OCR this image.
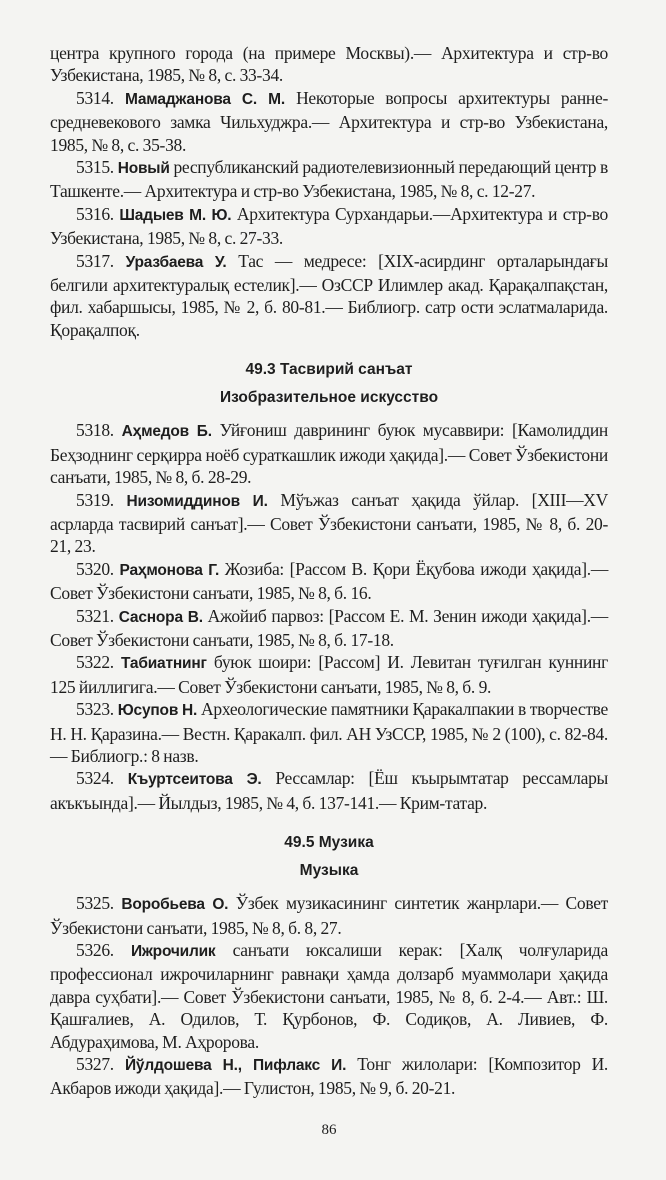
центра крупного города (на примере Москвы).— Архитектура и стр-во Узбекистана, 1985, № 8, с. 33-34.

5314. Мамаджанова С. М. Некоторые вопросы архитектуры ранне-средневекового замка Чильхуджра.— Архитектура и стр-во Узбекистана, 1985, № 8, с. 35-38.

5315. Новый республиканский радиотелевизионный передающий центр в Ташкенте.— Архитектура и стр-во Узбекистана, 1985, № 8, с. 12-27.

5316. Шадыев М. Ю. Архитектура Сурхандарьи.—Архитектура и стр-во Узбекистана, 1985, № 8, с. 27-33.

5317. Уразбаева У. Тас — медресе: [XIX-асирдинг орталарындағы белгили архитектуралық естелик].— ОзССР Илимлер акад. Қарақалпақстан, фил. хабаршысы, 1985, № 2, б. 80-81.— Библиогр. сатр ости эслатмаларида. Қорақалпоқ.

49.3 Тасвирий санъат
Изобразительное искусство

5318. Аҳмедов Б. Уйғониш даврининг буюк мусаввири: [Камолиддин Беҳзоднинг серқирра ноёб сураткашлик ижоди ҳақида].— Совет Ўзбекистони санъати, 1985, № 8, б. 28-29.

5319. Низомиддинов И. Мўъжаз санъат ҳақида ўйлар. [XIII—XV асрларда тасвирий санъат].— Совет Ўзбекистони санъати, 1985, № 8, б. 20-21, 23.

5320. Раҳмонова Г. Жозиба: [Рассом В. Қори Ёқубова ижоди ҳақида].— Совет Ўзбекистони санъати, 1985, № 8, б. 16.

5321. Саснора В. Ажойиб парвоз: [Рассом Е. М. Зенин ижоди ҳақида].— Совет Ўзбекистони санъати, 1985, № 8, б. 17-18.

5322. Табиатнинг буюк шоири: [Рассом] И. Левитан туғилган куннинг 125 йиллигига.— Совет Ўзбекистони санъати, 1985, № 8, б. 9.

5323. Юсупов Н. Археологические памятники Қаракалпакии в творчестве Н. Н. Қаразина.— Вестн. Қаракалп. фил. АН УзССР, 1985, № 2 (100), с. 82-84.— Библиогр.: 8 назв.

5324. Къуртсеитова Э. Рессамлар: [Ёш къырымтатар рессамлары акъкъында].— Йылдыз, 1985, № 4, б. 137-141.— Крим-татар.

49.5 Музика
Музыка

5325. Воробьева О. Ўзбек музикасининг синтетик жанрлари.— Совет Ўзбекистони санъати, 1985, № 8, б. 8, 27.

5326. Ижрочилик санъати юксалиши керак: [Халқ чолғуларида профессионал ижрочиларнинг равнақи ҳамда долзарб муаммолари ҳақида давра суҳбати].— Совет Ўзбекистони санъати, 1985, № 8, б. 2-4.— Авт.: Ш. Қашғалиев, А. Одилов, Т. Қурбонов, Ф. Содиқов, А. Ливиев, Ф. Абдураҳимова, М. Аҳророва.

5327. Йўлдошева Н., Пифлакс И. Тонг жилолари: [Композитор И. Акбаров ижоди ҳақида].— Гулистон, 1985, № 9, б. 20-21.

86
